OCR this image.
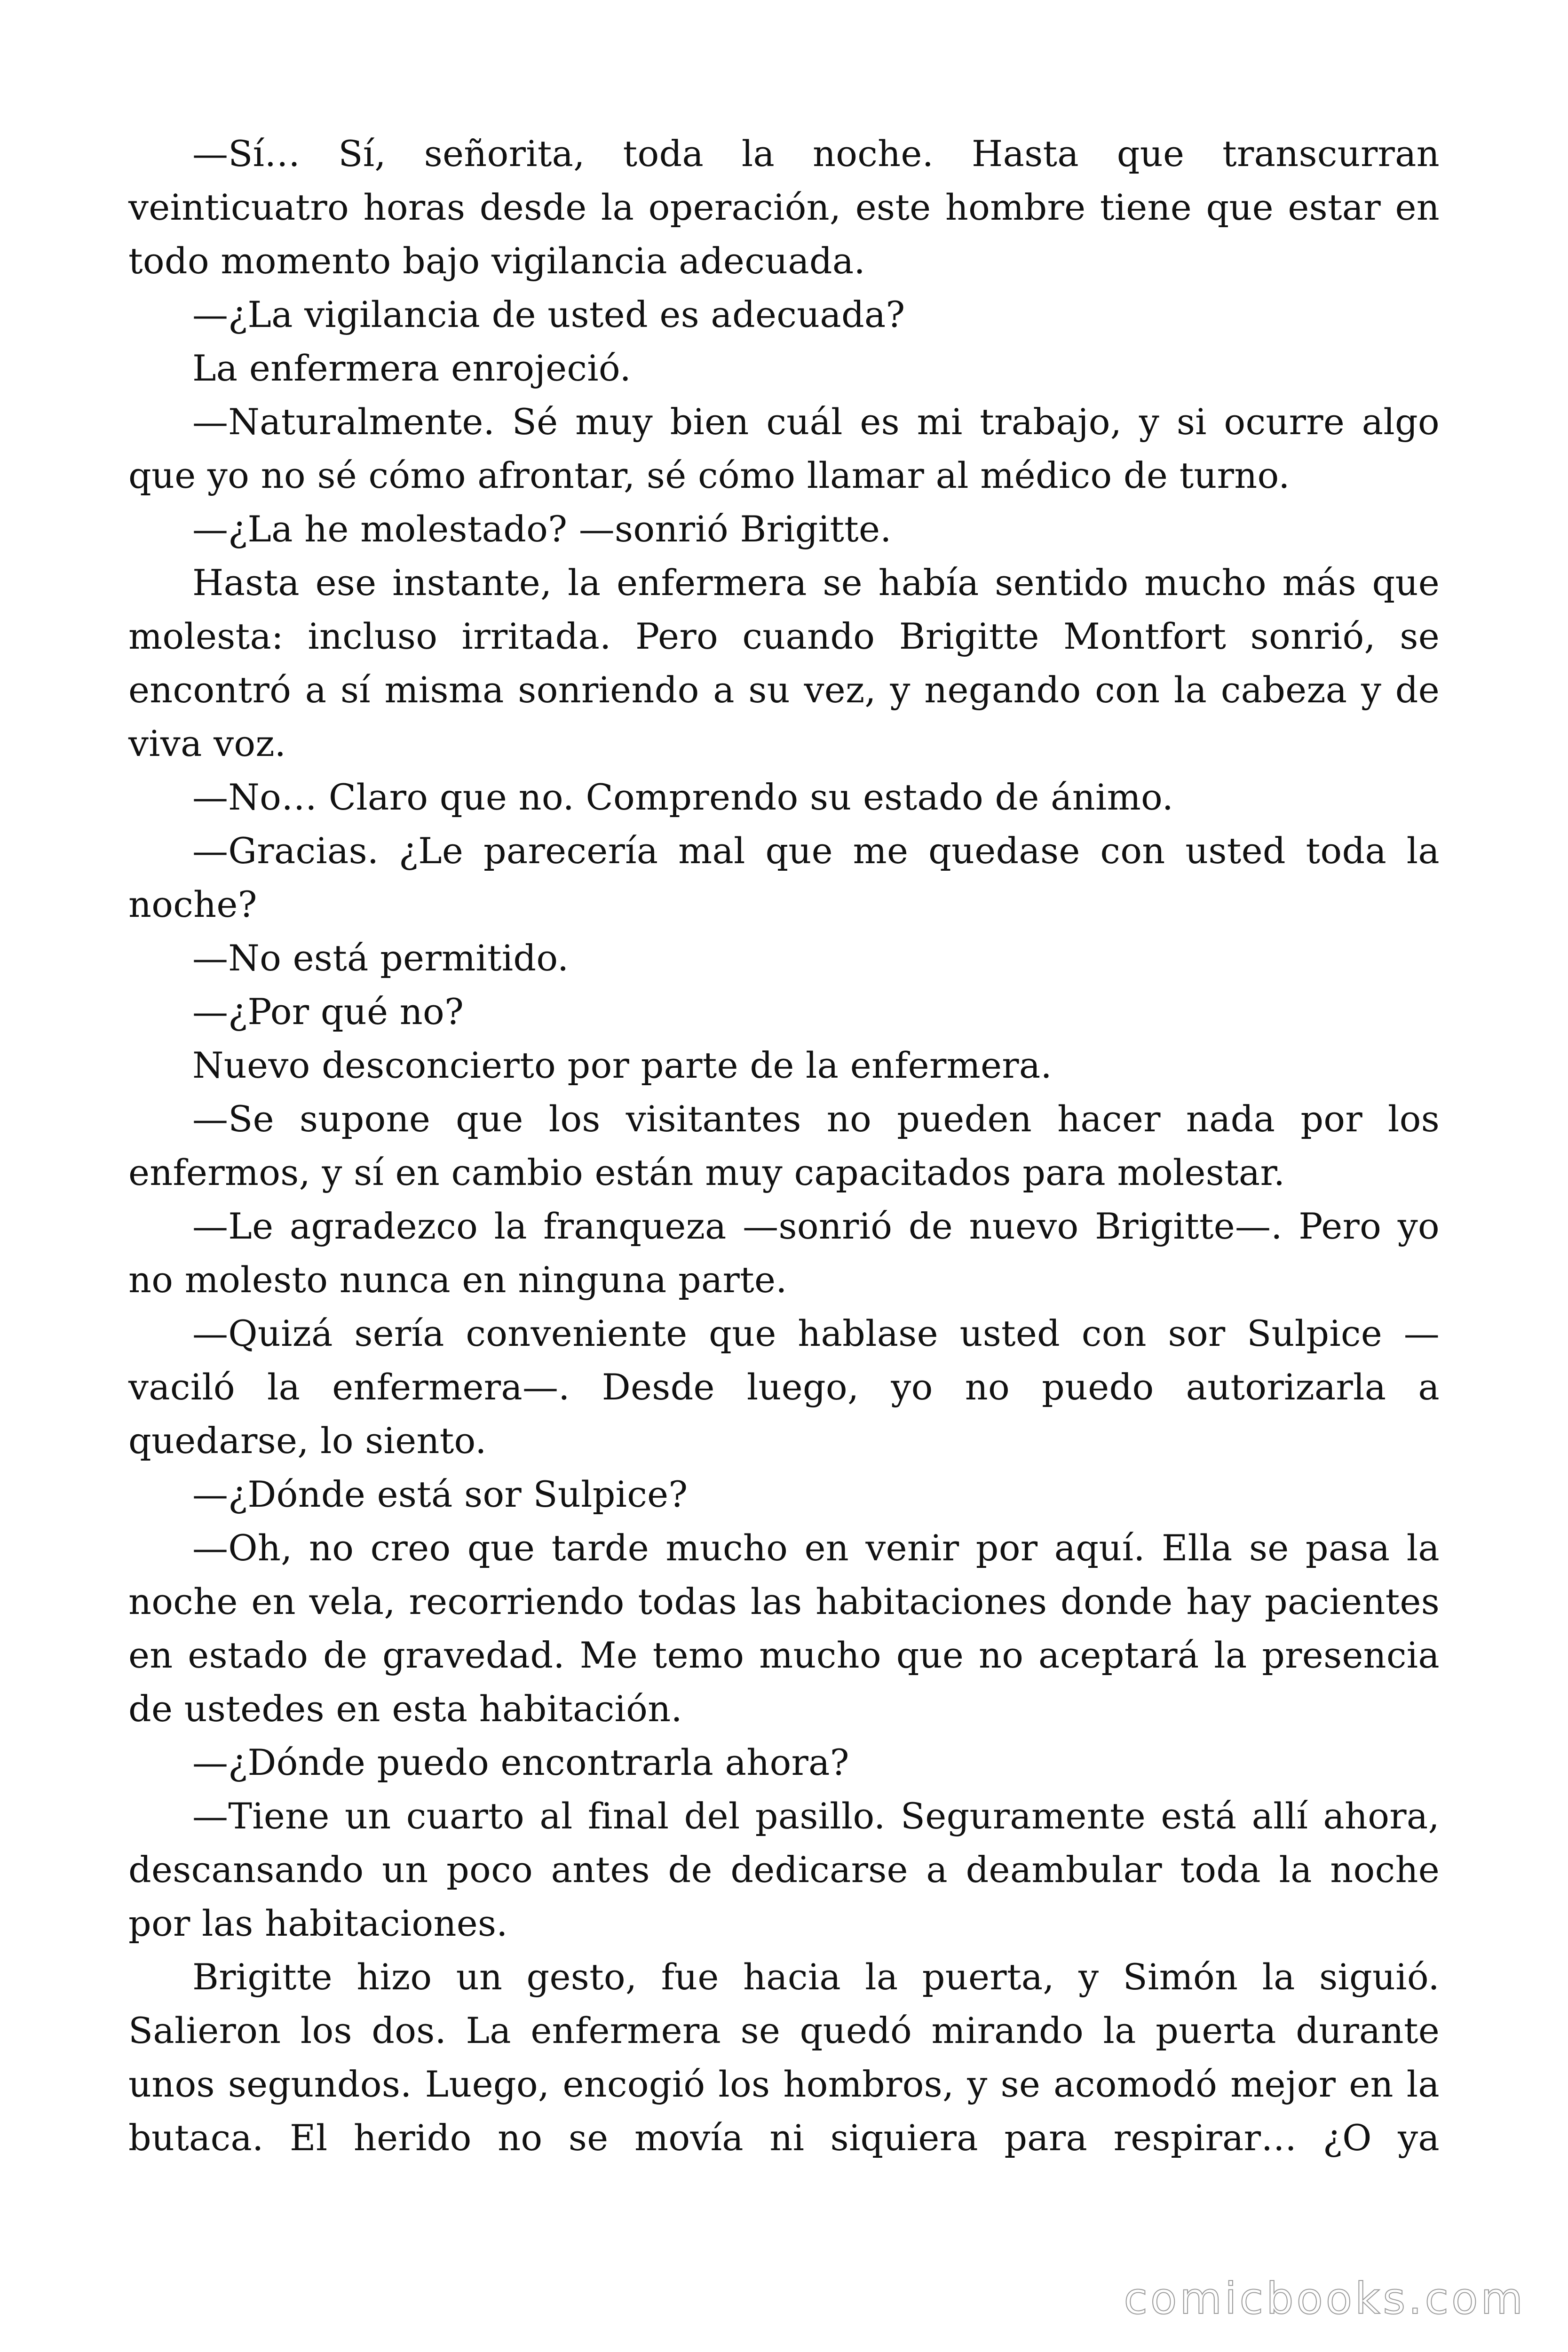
—Sí… Sí, señorita, toda la noche. Hasta que transcurran veinticuatro horas desde la operación, este hombre tiene que estar en todo momento bajo vigilancia adecuada.

—¿La vigilancia de usted es adecuada?

La enfermera enrojeció.

—Naturalmente. Sé muy bien cuál es mi trabajo, y si ocurre algo que yo no sé cómo afrontar, sé cómo llamar al médico de turno.

—¿La he molestado? —sonrió Brigitte.

Hasta ese instante, la enfermera se había sentido mucho más que molesta: incluso irritada. Pero cuando Brigitte Montfort sonrió, se encontró a sí misma sonriendo a su vez, y negando con la cabeza y de viva voz.

—No… Claro que no. Comprendo su estado de ánimo.

—Gracias. ¿Le parecería mal que me quedase con usted toda la noche?

—No está permitido.

—¿Por qué no?

Nuevo desconcierto por parte de la enfermera.

—Se supone que los visitantes no pueden hacer nada por los enfermos, y sí en cambio están muy capacitados para molestar.

—Le agradezco la franqueza —sonrió de nuevo Brigitte—. Pero yo no molesto nunca en ninguna parte.

—Quizá sería conveniente que hablase usted con sor Sulpice —vaciló la enfermera—. Desde luego, yo no puedo autorizarla a quedarse, lo siento.

—¿Dónde está sor Sulpice?

—Oh, no creo que tarde mucho en venir por aquí. Ella se pasa la noche en vela, recorriendo todas las habitaciones donde hay pacientes en estado de gravedad. Me temo mucho que no aceptará la presencia de ustedes en esta habitación.

—¿Dónde puedo encontrarla ahora?

—Tiene un cuarto al final del pasillo. Seguramente está allí ahora, descansando un poco antes de dedicarse a deambular toda la noche por las habitaciones.

Brigitte hizo un gesto, fue hacia la puerta, y Simón la siguió. Salieron los dos. La enfermera se quedó mirando la puerta durante unos segundos. Luego, encogió los hombros, y se acomodó mejor en la butaca. El herido no se movía ni siquiera para respirar… ¿O ya

comicbooks.com
